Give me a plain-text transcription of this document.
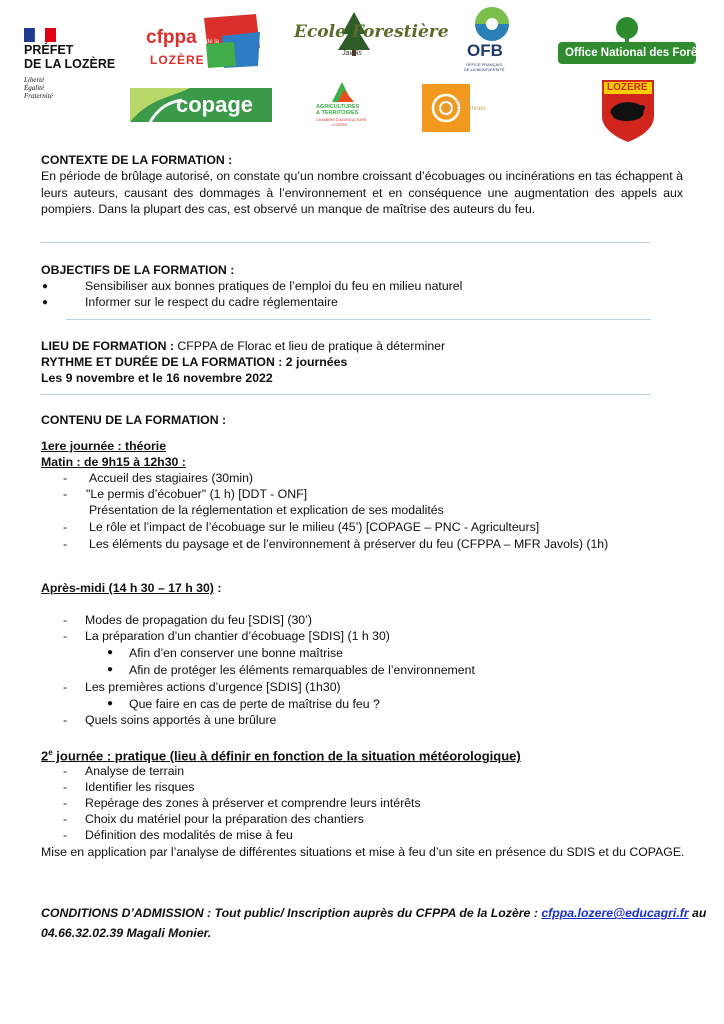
PRÉFET
DE LA LOZÈRE
Liberté
Égalité
Fraternité
cfppa de la
LOZÈRE
Ecole Forestière
Javols	OFB
OFFICE FRANÇAIS
DE LA BIODIVERSITÉ
Office National des Forêts
copage	AGRICULTURES
& TERRITOIRES
CHAMBRE D'AGRICULTURE
LOZÈRE
Parc national
des Cévennes
LOZERE
CONTEXTE DE LA FORMATION :
En période de brûlage autorisé, on constate qu’un nombre croissant d’écobuages ou incinérations en tas échappent à leurs auteurs, causant des dommages à l’environnement et en conséquence une augmentation des appels aux pompiers. Dans la plupart des cas, est observé un manque de maîtrise des auteurs du feu.
OBJECTIFS DE LA FORMATION :
●	Sensibiliser aux bonnes pratiques de l’emploi du feu en milieu naturel
●	Informer sur le respect du cadre réglementaire
LIEU DE FORMATION : CFPPA de Florac et lieu de pratique à déterminer
RYTHME ET DURÉE DE LA FORMATION : 2 journées
Les 9 novembre et le 16 novembre 2022
CONTENU DE LA FORMATION :
1ere journée : théorie
Matin : de 9h15 à 12h30 :
-	Accueil des stagiaires (30min)
-	"Le permis d’écobuer" (1 h) [DDT - ONF]
Présentation de la réglementation et explication de ses modalités
-	Le rôle et l’impact de l’écobuage sur le milieu (45’) [COPAGE – PNC - Agriculteurs]
-	Les éléments du paysage et de l’environnement à préserver du feu (CFPPA – MFR Javols) (1h)
Après-midi (14 h 30 – 17 h 30) :
-	Modes de propagation du feu [SDIS] (30’)
-	La préparation d’un chantier d’écobuage [SDIS] (1 h 30)
● Afin d’en conserver une bonne maîtrise
● Afin de protéger les éléments remarquables de l’environnement
-	Les premières actions d’urgence [SDIS] (1h30)
● Que faire en cas de perte de maîtrise du feu ?
-	Quels soins apportés à une brûlure
2e journée : pratique (lieu à définir en fonction de la situation météorologique)
-	Analyse de terrain
-	Identifier les risques
-	Repérage des zones à préserver et comprendre leurs intérêts
-	Choix du matériel pour la préparation des chantiers
-	Définition des modalités de mise à feu
Mise en application par l’analyse de différentes situations et mise à feu d’un site en présence du SDIS et du COPAGE.
CONDITIONS D’ADMISSION : Tout public/ Inscription auprès du CFPPA de la Lozère : cfppa.lozere@educagri.fr au
04.66.32.02.39 Magali Monier.
